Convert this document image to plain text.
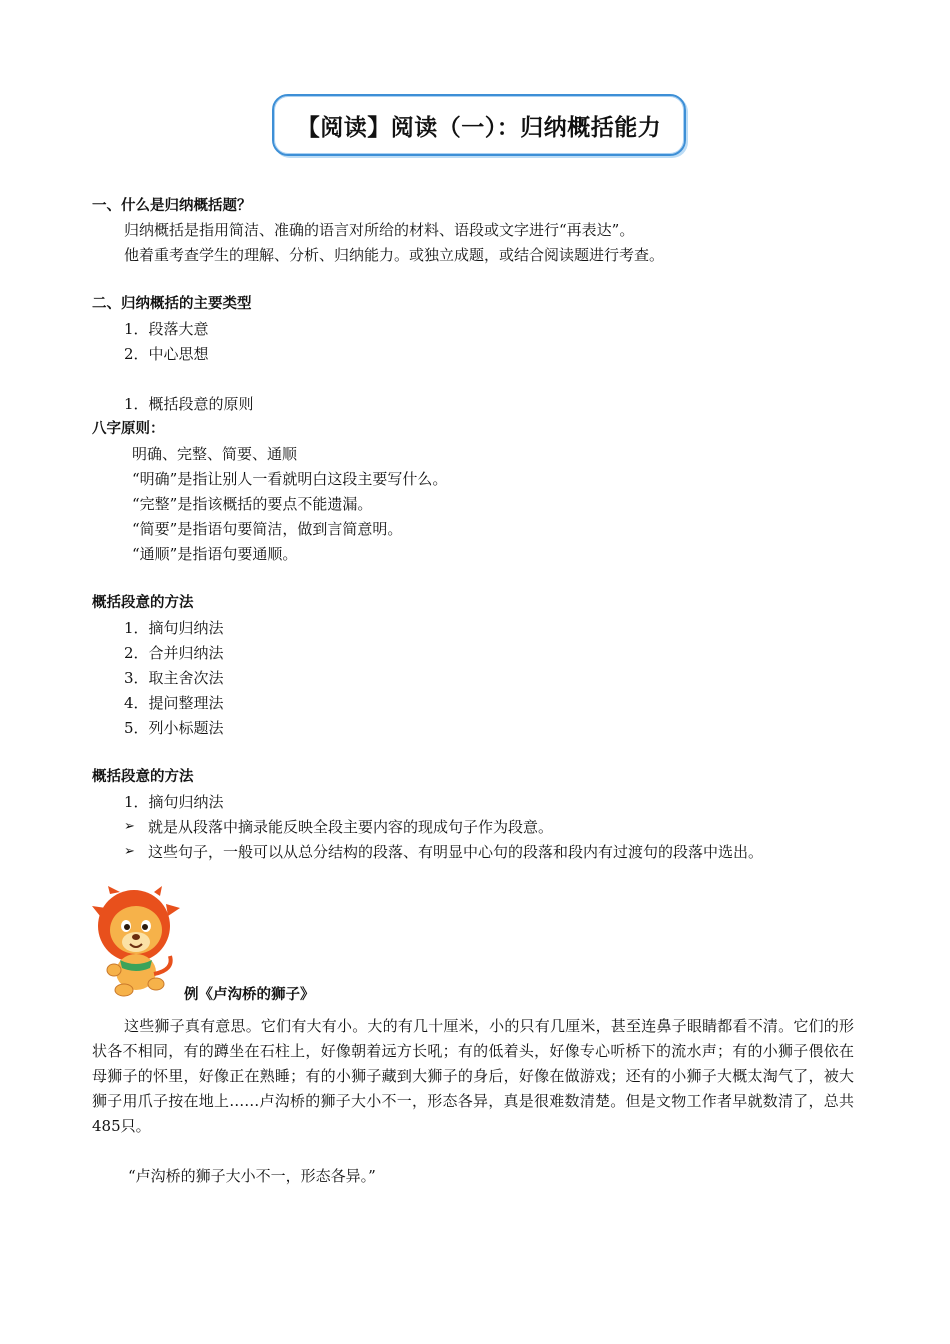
【阅读】阅读（一）：归纳概括能力
一、什么是归纳概括题？
归纳概括是指用简洁、准确的语言对所给的材料、语段或文字进行“再表达”。
他着重考查学生的理解、分析、归纳能力。或独立成题，或结合阅读题进行考查。
二、归纳概括的主要类型
1．段落大意
2．中心思想
1．概括段意的原则
八字原则：
明确、完整、简要、通顺
“明确”是指让别人一看就明白这段主要写什么。
“完整”是指该概括的要点不能遗漏。
“简要”是指语句要简洁，做到言简意明。
“通顺”是指语句要通顺。
概括段意的方法
1．摘句归纳法
2．合并归纳法
3．取主舍次法
4．提问整理法
5．列小标题法
概括段意的方法
1．摘句归纳法
➢ 就是从段落中摘录能反映全段主要内容的现成句子作为段意。
➢ 这些句子，一般可以从总分结构的段落、有明显中心句的段落和段内有过渡句的段落中选出。
例《卢沟桥的狮子》
这些狮子真有意思。它们有大有小。大的有几十厘米，小的只有几厘米，甚至连鼻子眼睛都看不清。它们的形状各不相同，有的蹲坐在石柱上，好像朝着远方长吼；有的低着头，好像专心听桥下的流水声；有的小狮子偎依在母狮子的怀里，好像正在熟睡；有的小狮子藏到大狮子的身后，好像在做游戏；还有的小狮子大概太淘气了，被大狮子用爪子按在地上……卢沟桥的狮子大小不一，形态各异，真是很难数清楚。但是文物工作者早就数清了，总共485只。
“卢沟桥的狮子大小不一，形态各异。”
